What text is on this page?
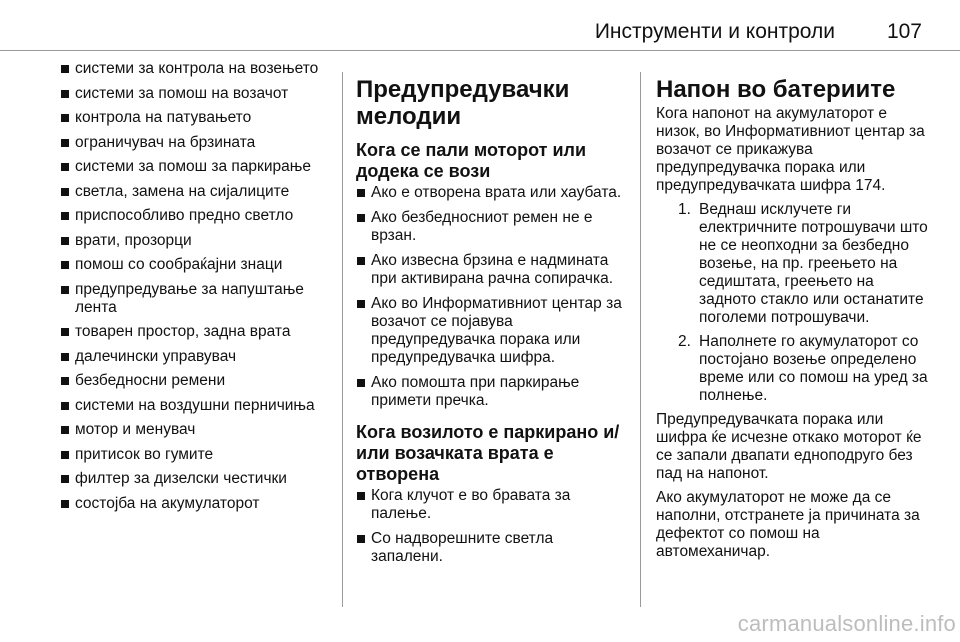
Инструменти и контроли 107
системи за контрола на возењето
системи за помош на возачот
контрола на патувањето
ограничувач на брзината
системи за помош за паркирање
светла, замена на сијалиците
приспособливо предно светло
врати, прозорци
помош со сообраќајни знаци
предупредување за напуштање лента
товарен простор, задна врата
далечински управувач
безбедносни ремени
системи на воздушни перничиња
мотор и менувач
притисок во гумите
филтер за дизелски честички
состојба на акумулаторот
Предупредувачки мелодии
Кога се пали моторот или додека се вози
Ако е отворена врата или хаубата.
Ако безбедносниот ремен не е врзан.
Ако извесна брзина е надмината при активирана рачна сопирачка.
Ако во Информативниот центар за возачот се појавува предупредувачка порака или предупредувачка шифра.
Ако помошта при паркирање примети пречка.
Кога возилото е паркирано и/или возачката врата е отворена
Кога клучот е во бравата за палење.
Со надворешните светла запалени.
Напон во батериите

Кога напонот на акумулаторот е низок, во Информативниот центар за возачот се прикажува предупредувачка порака или предупредувачката шифра 174.

1. Веднаш исклучете ги електричните потрошувачи што не се неопходни за безбедно возење, на пр. греењето на седиштата, греењето на задното стакло или останатите поголеми потрошувачи.
2. Наполнете го акумулаторот со постојано возење определено време или со помош на уред за полнење.

Предупредувачката порака или шифра ќе исчезне откако моторот ќе се запали двапати едноподруго без пад на напонот.

Ако акумулаторот не може да се наполни, отстранете ја причината за дефектот со помош на автомеханичар.

carmanualsonline.info
